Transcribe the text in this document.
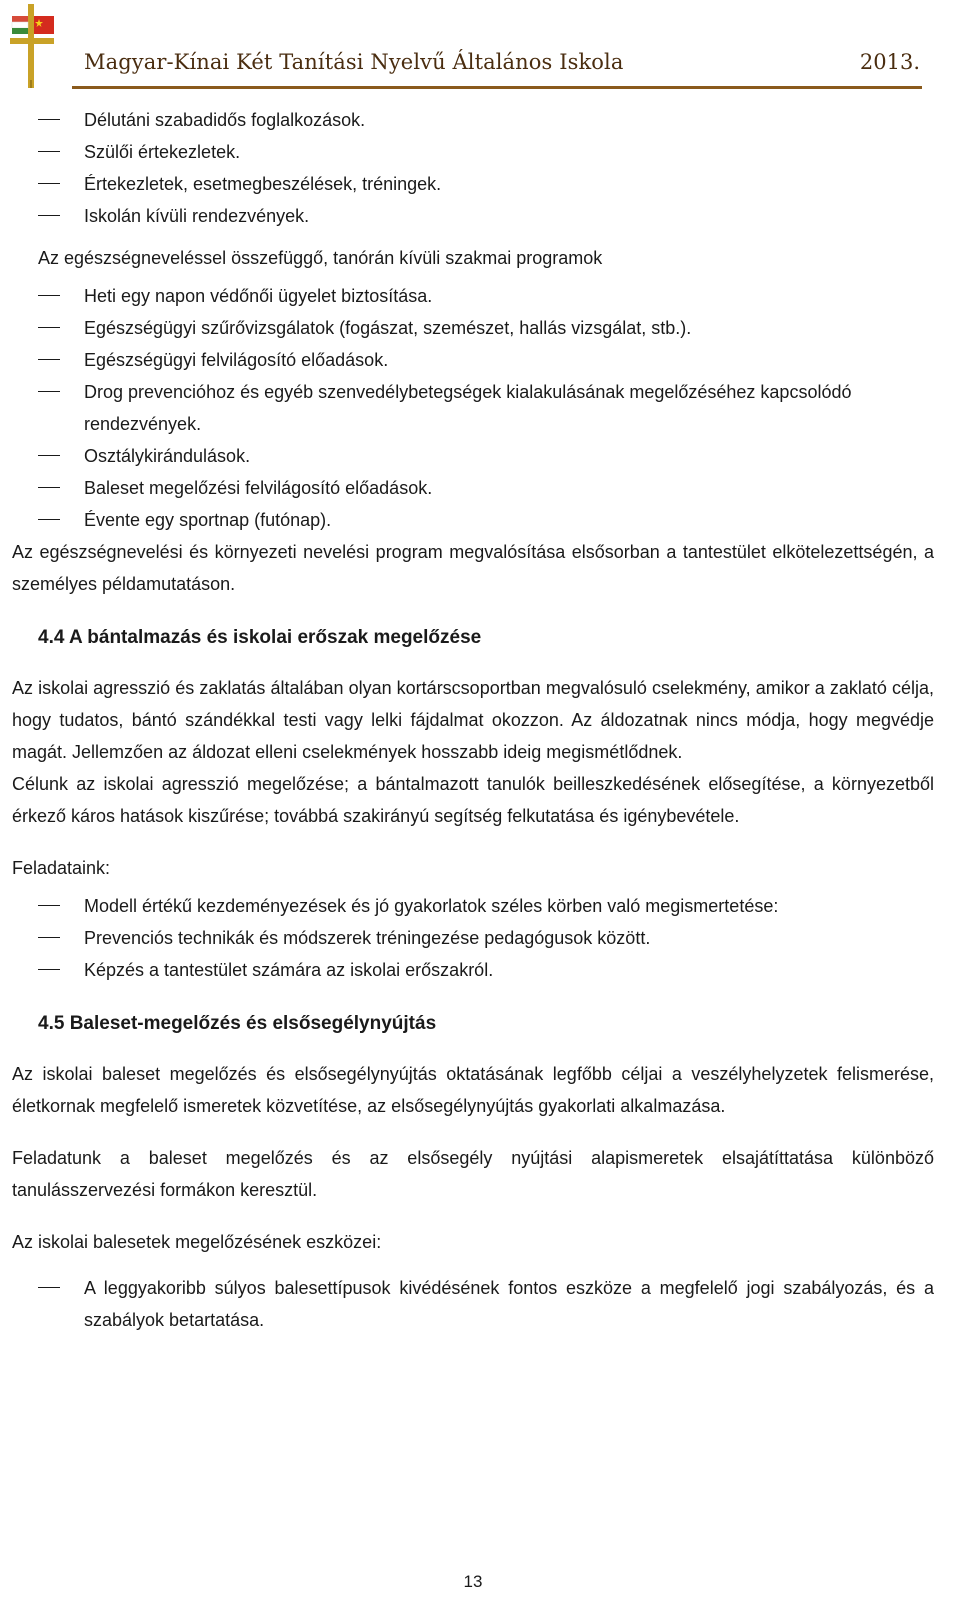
Magyar-Kínai Két Tanítási Nyelvű Általános Iskola	2013.
Délutáni szabadidős foglalkozások.
Szülői értekezletek.
Értekezletek, esetmegbeszélések, tréningek.
Iskolán kívüli rendezvények.
Az egészségneveléssel összefüggő, tanórán kívüli szakmai programok
Heti egy napon védőnői ügyelet biztosítása.
Egészségügyi szűrővizsgálatok (fogászat, szemészet, hallás vizsgálat, stb.).
Egészségügyi felvilágosító előadások.
Drog prevencióhoz és egyéb szenvedélybetegségek kialakulásának megelőzéséhez kapcsolódó rendezvények.
Osztálykirándulások.
Baleset megelőzési felvilágosító előadások.
Évente egy sportnap (futónap).

Az egészségnevelési és környezeti nevelési program megvalósítása elsősorban a tantestület elkötelezettségén, a személyes példamutatáson.

4.4 A bántalmazás és iskolai erőszak megelőzése

Az iskolai agresszió és zaklatás általában olyan kortárscsoportban megvalósuló cselekmény, amikor a zaklató célja, hogy tudatos, bántó szándékkal testi vagy lelki fájdalmat okozzon. Az áldozatnak nincs módja, hogy megvédje magát. Jellemzően az áldozat elleni cselekmények hosszabb ideig megismétlődnek.

Célunk az iskolai agresszió megelőzése; a bántalmazott tanulók beilleszkedésének elősegítése, a környezetből érkező káros hatások kiszűrése; továbbá szakirányú segítség felkutatása és igénybevétele.

Feladataink:

Modell értékű kezdeményezések és jó gyakorlatok széles körben való megismertetése:
Prevenciós technikák és módszerek tréningezése pedagógusok között.
Képzés a tantestület számára az iskolai erőszakról.
4.5 Baleset-megelőzés és elsősegélynyújtás

Az iskolai baleset megelőzés és elsősegélynyújtás oktatásának legfőbb céljai a veszélyhelyzetek felismerése, életkornak megfelelő ismeretek közvetítése, az elsősegélynyújtás gyakorlati alkalmazása.

Feladatunk a baleset megelőzés és az elsősegély nyújtási alapismeretek elsajátíttatása különböző tanulásszervezési formákon keresztül.

Az iskolai balesetek megelőzésének eszközei:

A leggyakoribb súlyos balesettípusok kivédésének fontos eszköze a megfelelő jogi szabályozás, és a szabályok betartatása.
13
